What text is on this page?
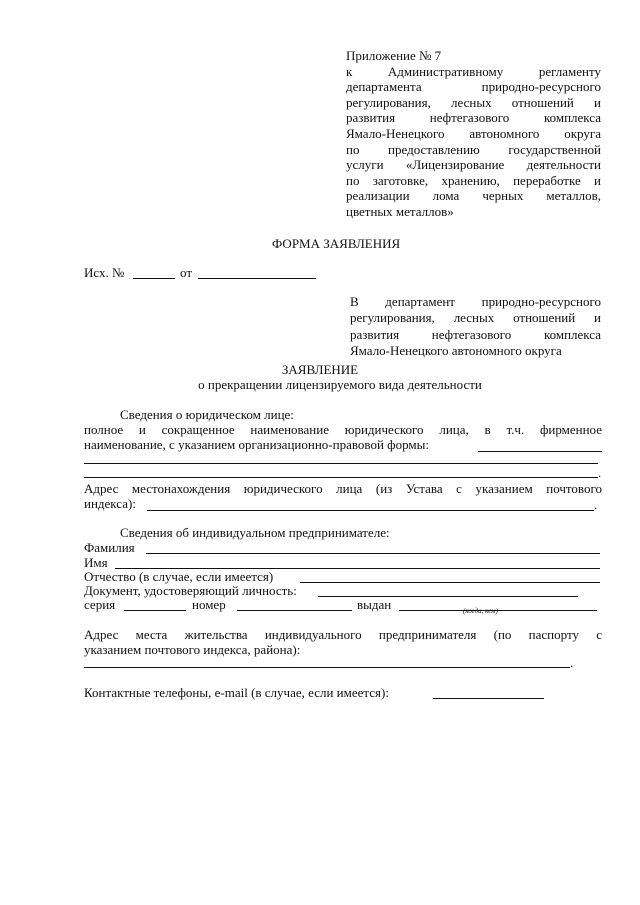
Приложение № 7
к Административному регламенту
департамента природно-ресурсного
регулирования, лесных отношений и
развития нефтегазового комплекса
Ямало-Ненецкого автономного округа
по предоставлению государственной
услуги «Лицензирование деятельности
по заготовке, хранению, переработке и
реализации лома черных металлов,
цветных металлов»
ФОРМА ЗАЯВЛЕНИЯ
Исх. №	от
В департамент природно-ресурсного
регулирования, лесных отношений и
развития нефтегазового комплекса
Ямало-Ненецкого автономного округа
ЗАЯВЛЕНИЕ
о прекращении лицензируемого вида деятельности
Сведения о юридическом лице:
полное и сокращенное наименование юридического лица, в т.ч. фирменное
наименование, с указанием организационно-правовой формы:
.
Адрес местонахождения юридического лица (из Устава с указанием почтового
индекса):	.
Сведения об индивидуальном предпринимателе:
Фамилия
Имя
Отчество (в случае, если имеется)
Документ, удостоверяющий личность:
серия	номер	выдан	(когда, кем)
Адрес места жительства индивидуального предпринимателя (по паспорту с
указанием почтового индекса, района):
.
Контактные телефоны, e-mail (в случае, если имеется):
